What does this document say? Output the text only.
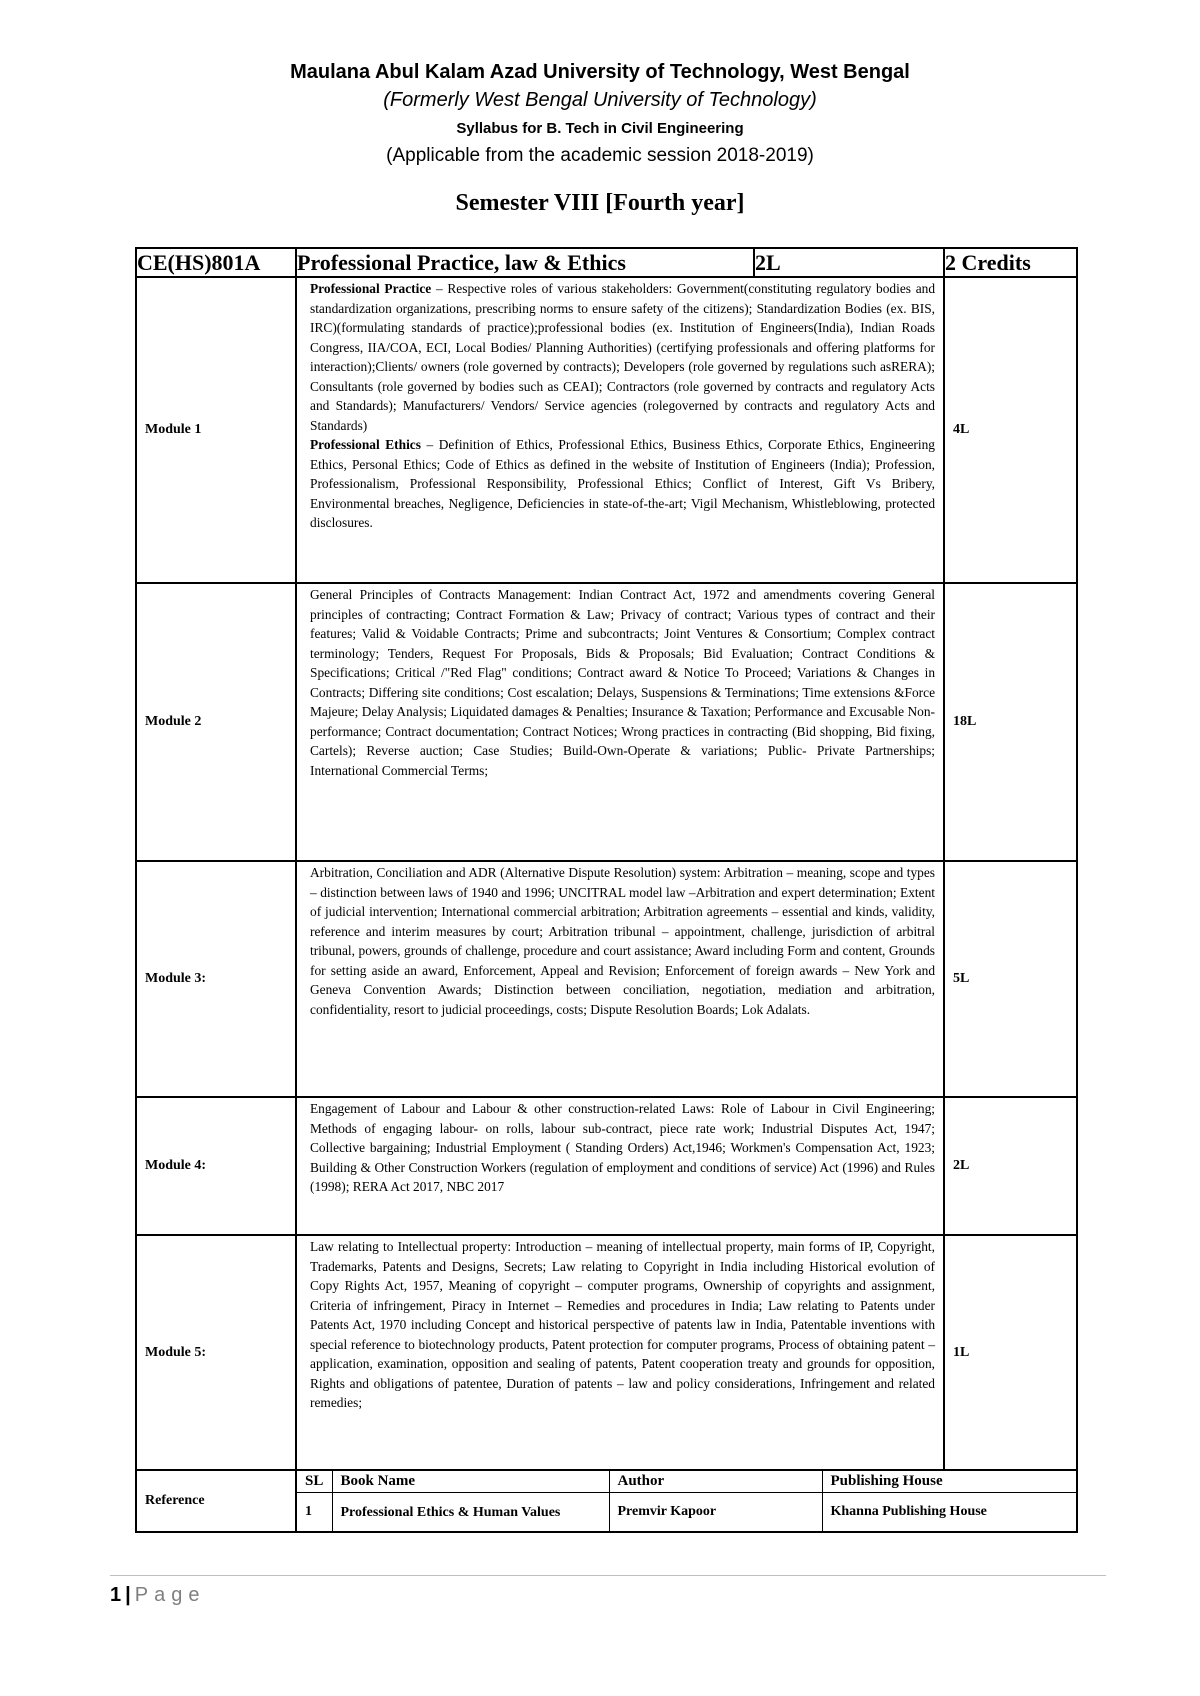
Maulana Abul Kalam Azad University of Technology, West Bengal
(Formerly West Bengal University of Technology)
Syllabus for B. Tech in Civil Engineering
(Applicable from the academic session 2018-2019)
Semester VIII [Fourth year]
CE(HS)801A	Professional Practice, law & Ethics	2L	2 Credits
Module 1	Professional Practice – Respective roles of various stakeholders: Government(constituting regulatory bodies and standardization organizations, prescribing norms to ensure safety of the citizens); Standardization Bodies (ex. BIS, IRC)(formulating standards of practice);professional bodies (ex. Institution of Engineers(India), Indian Roads Congress, IIA/COA, ECI, Local Bodies/ Planning Authorities) (certifying professionals and offering platforms for interaction);Clients/ owners (role governed by contracts); Developers (role governed by regulations such asRERA); Consultants (role governed by bodies such as CEAI); Contractors (role governed by contracts and regulatory Acts and Standards); Manufacturers/ Vendors/ Service agencies (rolegoverned by contracts and regulatory Acts and Standards)
Professional Ethics – Definition of Ethics, Professional Ethics, Business Ethics, Corporate Ethics, Engineering Ethics, Personal Ethics; Code of Ethics as defined in the website of Institution of Engineers (India); Profession, Professionalism, Professional Responsibility, Professional Ethics; Conflict of Interest, Gift Vs Bribery, Environmental breaches, Negligence, Deficiencies in state-of-the-art; Vigil Mechanism, Whistleblowing, protected disclosures.	4L
Module 2	General Principles of Contracts Management: Indian Contract Act, 1972 and amendments covering General principles of contracting; Contract Formation & Law; Privacy of contract; Various types of contract and their features; Valid & Voidable Contracts; Prime and subcontracts; Joint Ventures & Consortium; Complex contract terminology; Tenders, Request For Proposals, Bids & Proposals; Bid Evaluation; Contract Conditions & Specifications; Critical /"Red Flag" conditions; Contract award & Notice To Proceed; Variations & Changes in Contracts; Differing site conditions; Cost escalation; Delays, Suspensions & Terminations; Time extensions &Force Majeure; Delay Analysis; Liquidated damages & Penalties; Insurance & Taxation; Performance and Excusable Non-performance; Contract documentation; Contract Notices; Wrong practices in contracting (Bid shopping, Bid fixing, Cartels); Reverse auction; Case Studies; Build-Own-Operate & variations; Public- Private Partnerships; International Commercial Terms;	18L
Module 3:	Arbitration, Conciliation and ADR (Alternative Dispute Resolution) system: Arbitration – meaning, scope and types – distinction between laws of 1940 and 1996; UNCITRAL model law –Arbitration and expert determination; Extent of judicial intervention; International commercial arbitration; Arbitration agreements – essential and kinds, validity, reference and interim measures by court; Arbitration tribunal – appointment, challenge, jurisdiction of arbitral tribunal, powers, grounds of challenge, procedure and court assistance; Award including Form and content, Grounds for setting aside an award, Enforcement, Appeal and Revision; Enforcement of foreign awards – New York and Geneva Convention Awards; Distinction between conciliation, negotiation, mediation and arbitration, confidentiality, resort to judicial proceedings, costs; Dispute Resolution Boards; Lok Adalats.	5L
Module 4:	Engagement of Labour and Labour & other construction-related Laws: Role of Labour in Civil Engineering; Methods of engaging labour- on rolls, labour sub-contract, piece rate work; Industrial Disputes Act, 1947; Collective bargaining; Industrial Employment ( Standing Orders) Act,1946; Workmen's Compensation Act, 1923; Building & Other Construction Workers (regulation of employment and conditions of service) Act (1996) and Rules (1998); RERA Act 2017, NBC 2017	2L
Module 5:	Law relating to Intellectual property: Introduction – meaning of intellectual property, main forms of IP, Copyright, Trademarks, Patents and Designs, Secrets; Law relating to Copyright in India including Historical evolution of Copy Rights Act, 1957, Meaning of copyright – computer programs, Ownership of copyrights and assignment, Criteria of infringement, Piracy in Internet – Remedies and procedures in India; Law relating to Patents under Patents Act, 1970 including Concept and historical perspective of patents law in India, Patentable inventions with special reference to biotechnology products, Patent protection for computer programs, Process of obtaining patent – application, examination, opposition and sealing of patents, Patent cooperation treaty and grounds for opposition, Rights and obligations of patentee, Duration of patents – law and policy considerations, Infringement and related remedies;	1L
Reference	
SL	Book Name	Author	Publishing House
1	Professional Ethics & Human Values	Premvir Kapoor	Khanna Publishing House
1 | Page
